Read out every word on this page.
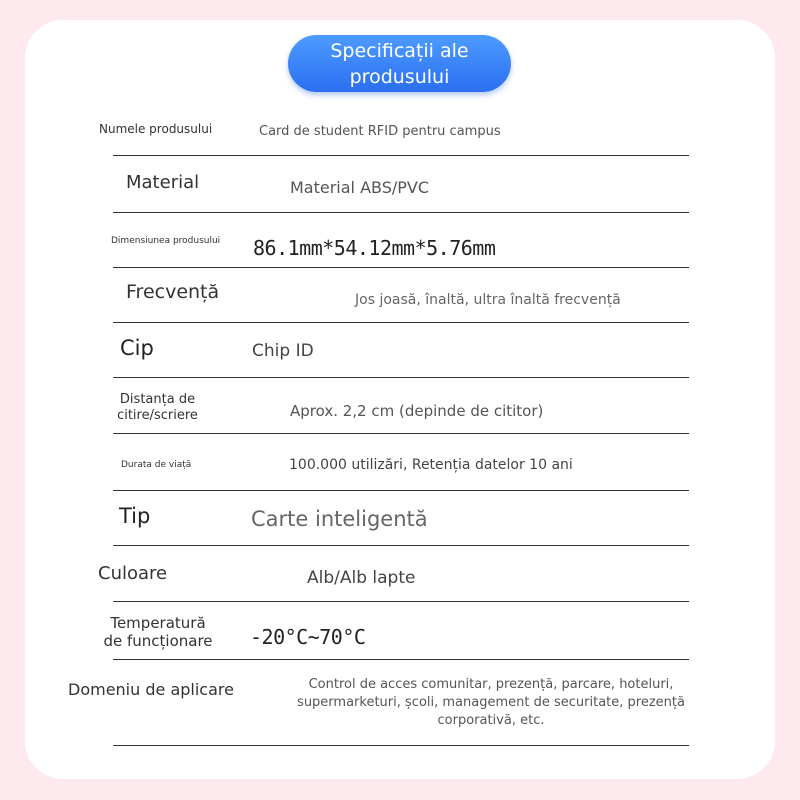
Specificații ale produsului
Numele produsului	Card de student RFID pentru campus
Material	Material ABS/PVC
Dimensiunea produsului 86.1mm*54.12mm*5.76mm
Frecvență	Jos joasă, înaltă, ultra înaltă frecvență
Cip	Chip ID
Distanța de
citire/scriere	Aprox. 2,2 cm (depinde de cititor)
Durata de viață	100.000 utilizări, Retenția datelor 10 ani
Tip	Carte inteligentă
Culoare	Alb/Alb lapte
Temperatură
de funcționare -20°C~70°C
Domeniu de aplicare	Control de acces comunitar, prezență, parcare, hoteluri,
supermarketuri, școli, management de securitate, prezență
corporativă, etc.
